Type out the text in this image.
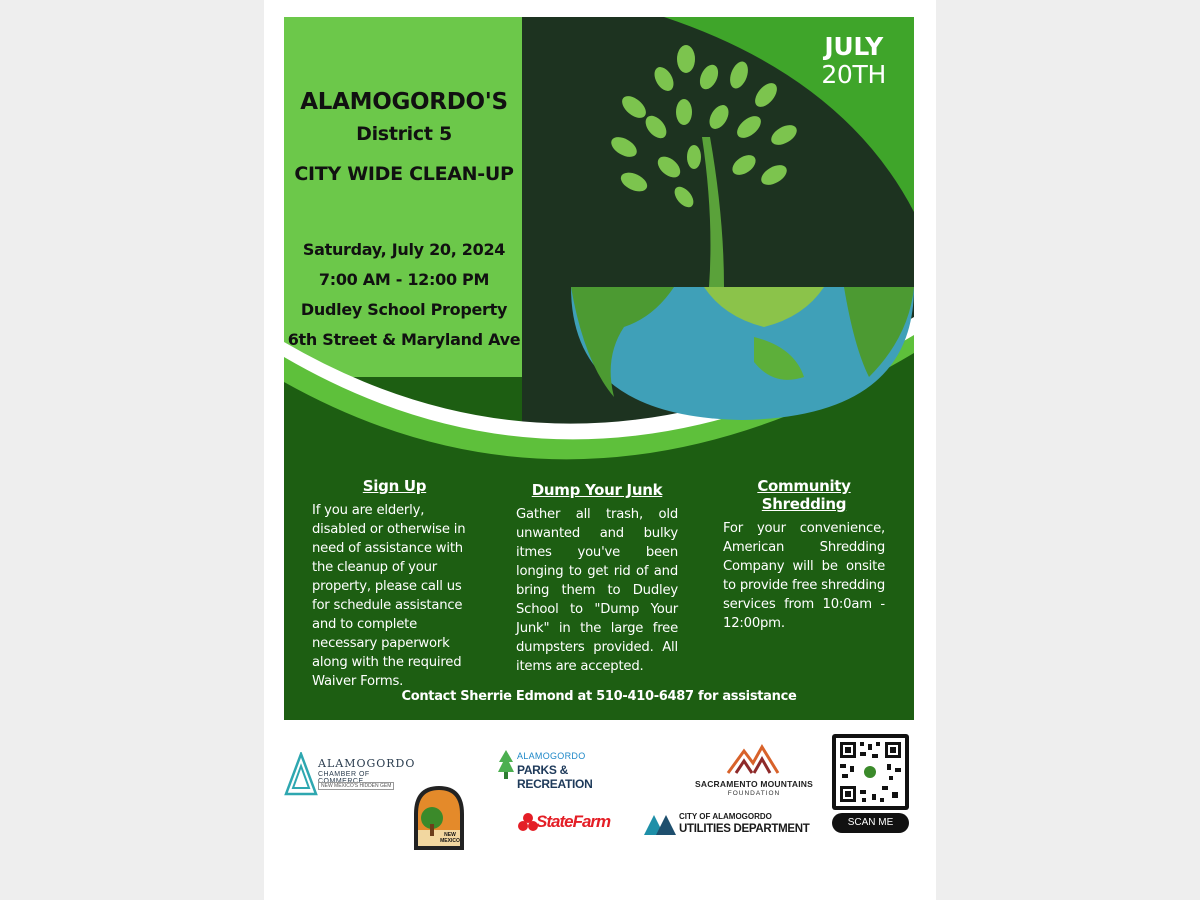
JULY
20TH
ALAMOGORDO'S
District 5
CITY WIDE CLEAN-UP
Saturday, July 20, 2024
7:00 AM - 12:00 PM
Dudley School Property
6th Street & Maryland Ave
Sign Up

If you are elderly, disabled or otherwise in need of assistance with the cleanup of your property, please call us for schedule assistance and to complete necessary paperwork along with the required Waiver Forms.

Dump Your Junk

Gather all trash, old unwanted and bulky itmes you've been longing to get rid of and bring them to Dudley School to "Dump Your Junk" in the large free dumpsters provided. All items are accepted.

Community Shredding

For your convenience, American Shredding Company will be onsite to provide free shredding services from 10:0am - 12:00pm.

Contact Sherrie Edmond at 510-410-6487 for assistance
ALAMOGORDO
CHAMBER OF COMMERCE
NEW MEXICO'S HIDDEN GEM
NEW MEXICO
ALAMOGORDO
PARKS & RECREATION
StateFarm
SACRAMENTO MOUNTAINS
FOUNDATION
CITY OF ALAMOGORDO
UTILITIES DEPARTMENT
SCAN ME
